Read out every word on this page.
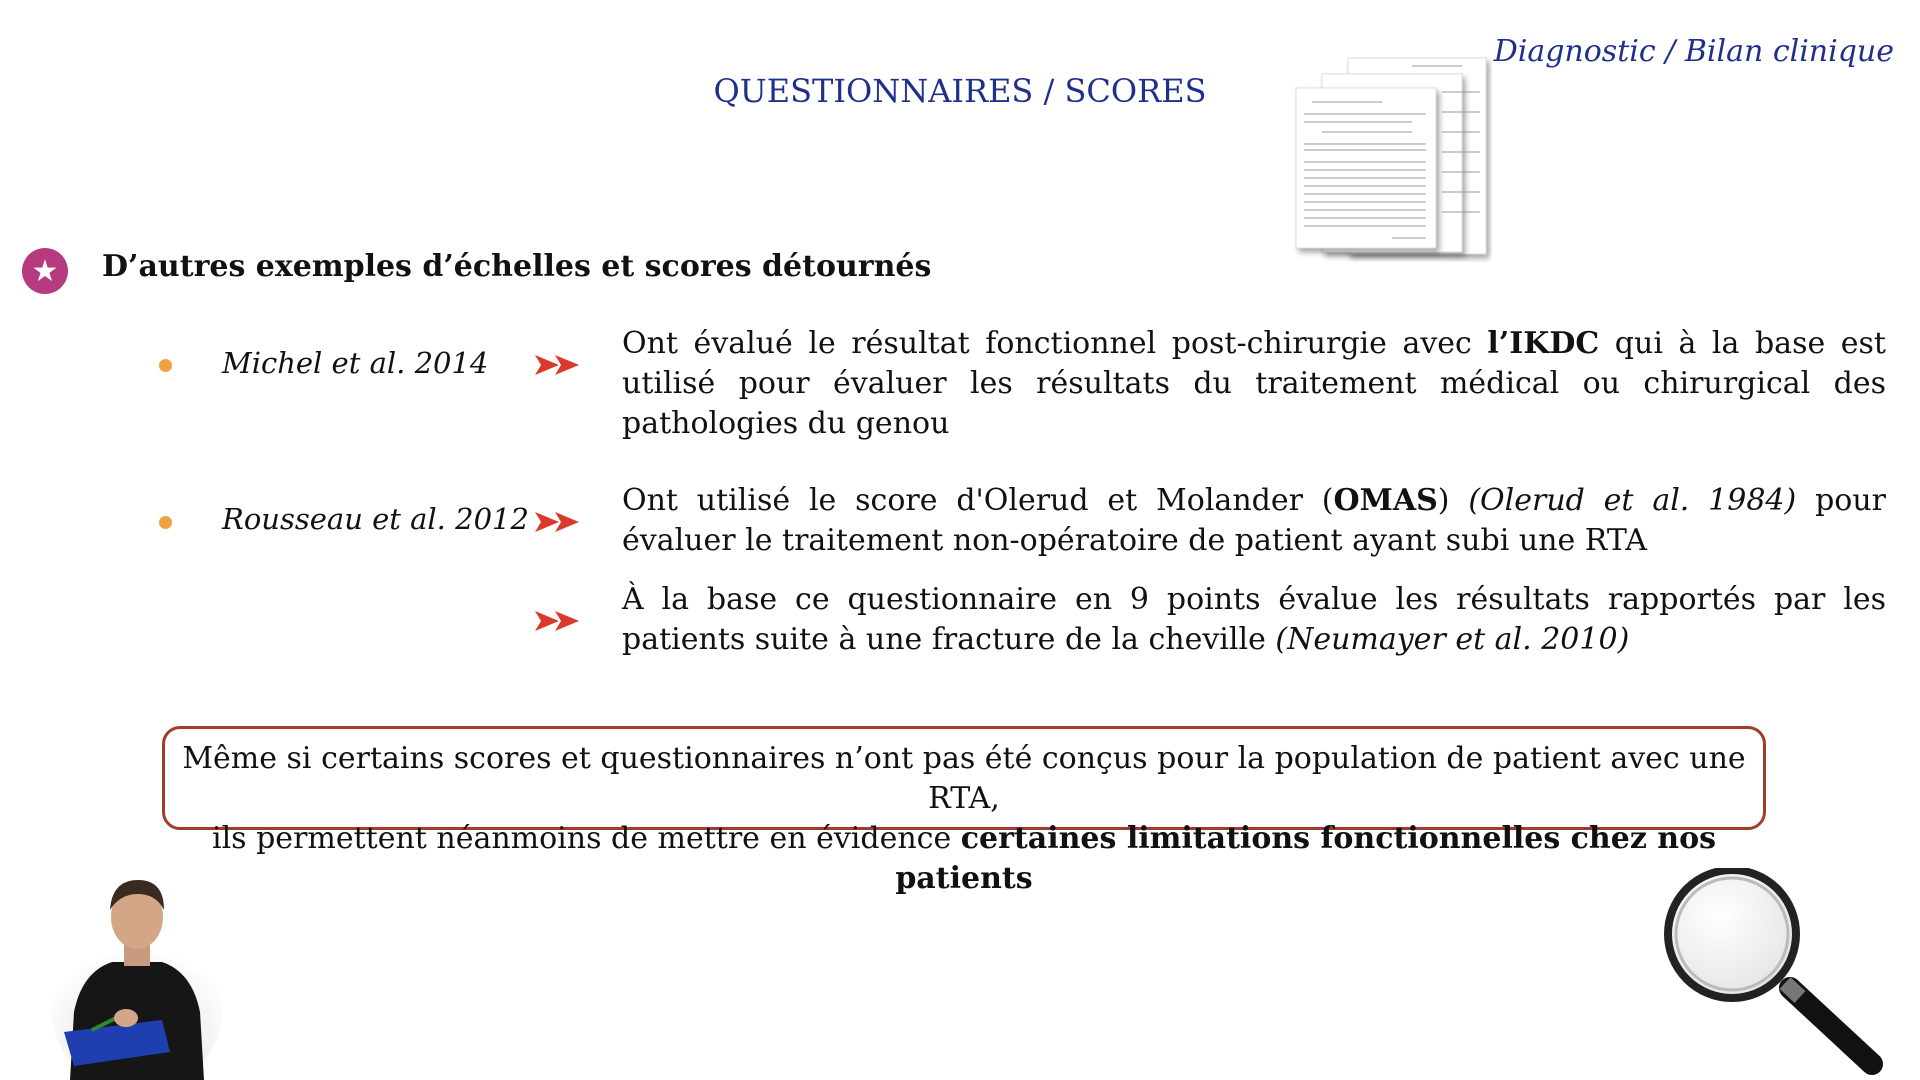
Diagnostic / Bilan clinique
QUESTIONNAIRES / SCORES
★	D’autres exemples d’échelles et scores détournés
Michel et al. 2014
Ont évalué le résultat fonctionnel post-chirurgie avec l’IKDC qui à la base est utilisé pour évaluer les résultats du traitement médical ou chirurgical des pathologies du genou
Rousseau et al. 2012
Ont utilisé le score d'Olerud et Molander (OMAS) (Olerud et al. 1984) pour évaluer le traitement non-opératoire de patient ayant subi une RTA
À la base ce questionnaire en 9 points évalue les résultats rapportés par les patients suite à une fracture de la cheville (Neumayer et al. 2010)
Même si certains scores et questionnaires n’ont pas été conçus pour la population de patient avec une RTA,
ils permettent néanmoins de mettre en évidence certaines limitations fonctionnelles chez nos patients
